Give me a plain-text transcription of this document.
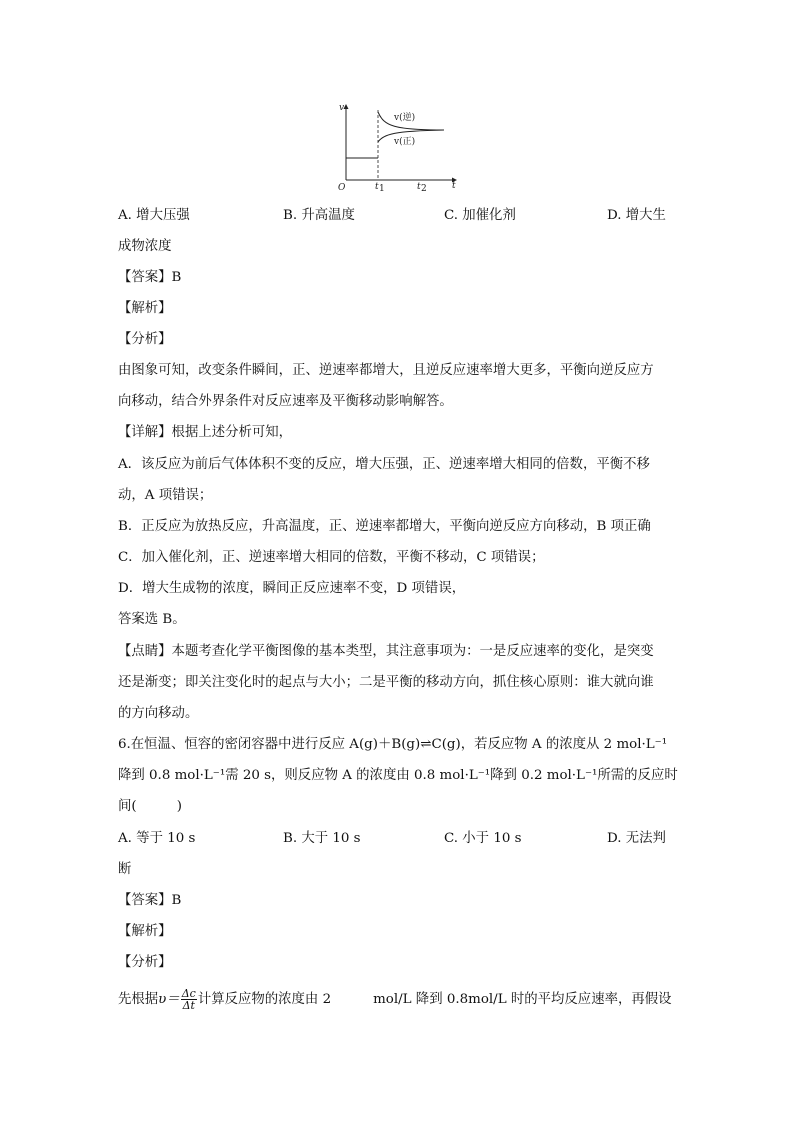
v
t
O	t 1	t 2
v(逆)
v(正)
A. 增大压强	B. 升高温度	C. 加催化剂	D. 增大生
成物浓度
【答案】B
【解析】
【分析】
由图象可知，改变条件瞬间，正、逆速率都增大，且逆反应速率增大更多，平衡向逆反应方
向移动，结合外界条件对反应速率及平衡移动影响解答。
【详解】根据上述分析可知，
A．该反应为前后气体体积不变的反应，增大压强，正、逆速率增大相同的倍数，平衡不移
动，A 项错误；
B．正反应为放热反应，升高温度，正、逆速率都增大，平衡向逆反应方向移动，B 项正确
C．加入催化剂，正、逆速率增大相同的倍数，平衡不移动，C 项错误；
D．增大生成物的浓度，瞬间正反应速率不变，D 项错误，
答案选 B。
【点睛】本题考查化学平衡图像的基本类型，其注意事项为：一是反应速率的变化，是突变
还是渐变；即关注变化时的起点与大小；二是平衡的移动方向，抓住核心原则：谁大就向谁
的方向移动。
6.在恒温、恒容的密闭容器中进行反应 A(g)＋B(g)⇌C(g)，若反应物 A 的浓度从 2 mol·L⁻¹
降到 0.8 mol·L⁻¹需 20 s，则反应物 A 的浓度由 0.8 mol·L⁻¹降到 0.2 mol·L⁻¹所需的反应时
间(　　　)
A. 等于 10 s	B. 大于 10 s	C. 小于 10 s	D. 无法判
断
【答案】B
【解析】
【分析】
先根据$\upsilon= \frac{\Delta c}{\Delta t}$ 计算反应物的浓度由 2	mol/L 降到 0.8mol/L 时的平均反应速率，再假设
